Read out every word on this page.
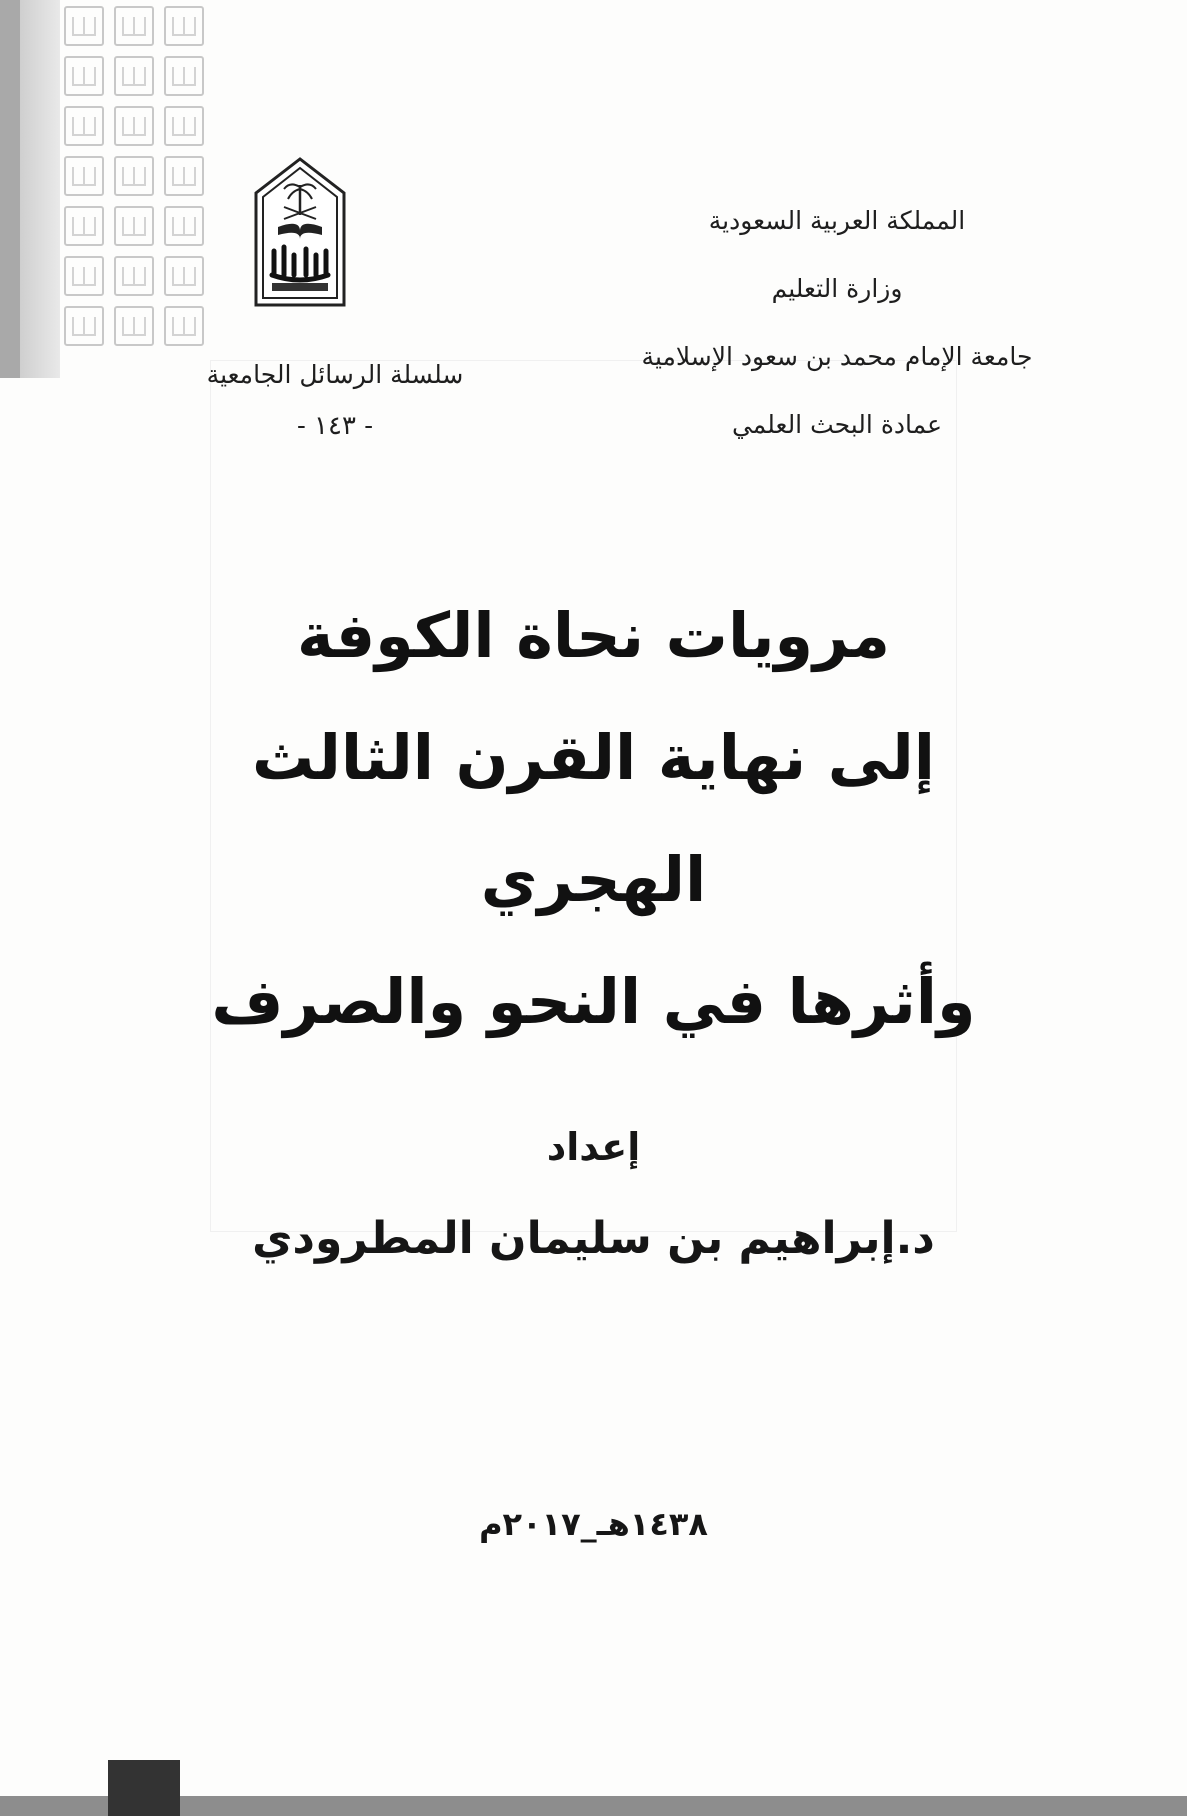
المملكة العربية السعودية
وزارة التعليم
جامعة الإمام محمد بن سعود الإسلامية
عمادة البحث العلمي
سلسلة الرسائل الجامعية
- ١٤٣ -
مرويات نحاة الكوفة
إلى نهاية القرن الثالث الهجري
وأثرها في النحو والصرف
إعداد
د.إبراهيم بن سليمان المطرودي
١٤٣٨هـ_٢٠١٧م
